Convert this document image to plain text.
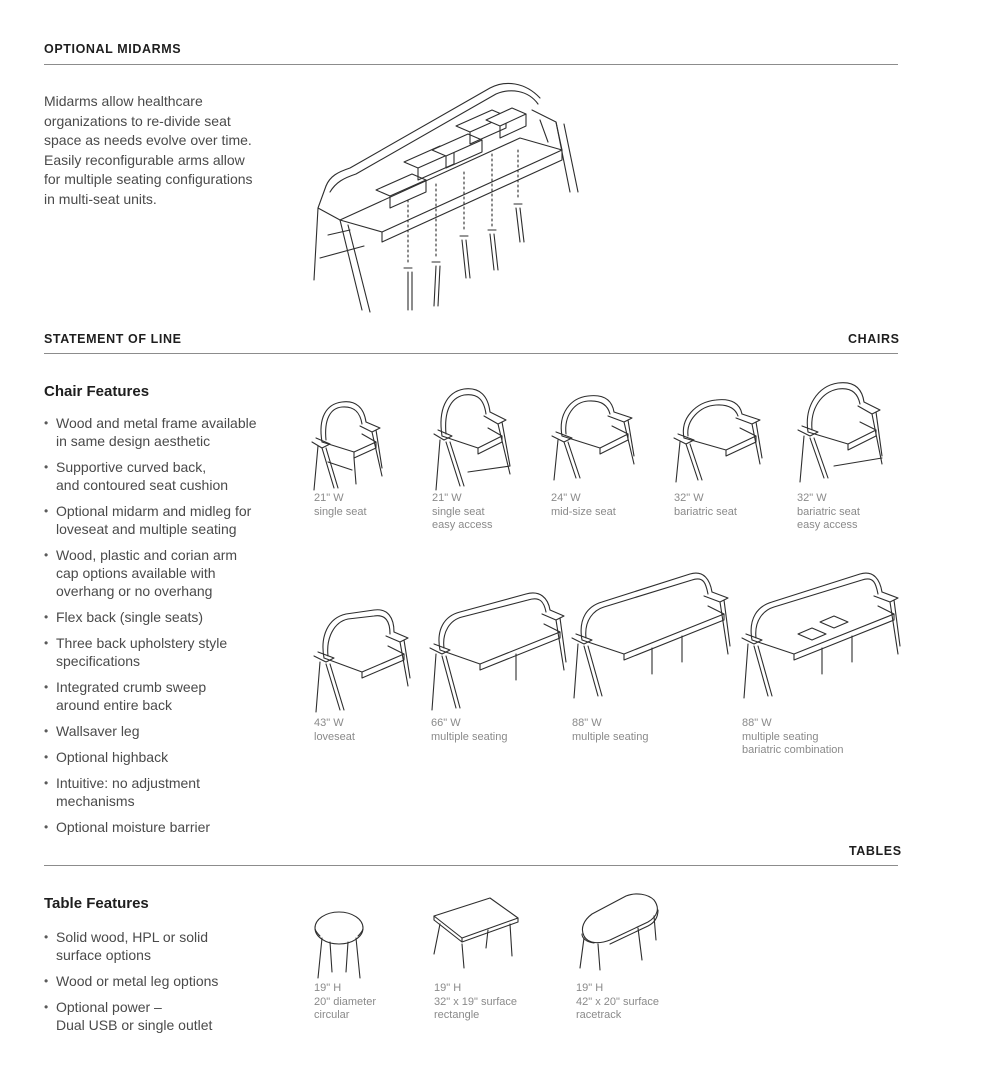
OPTIONAL MIDARMS
Midarms allow healthcare
organizations to re-divide seat
space as needs evolve over time.
Easily reconfigurable arms allow
for multiple seating configurations
in multi-seat units.
STATEMENT OF LINE	CHAIRS
Chair Features
• Wood and metal frame available
in same design aesthetic
• Supportive curved back,
and contoured seat cushion
• Optional midarm and midleg for
loveseat and multiple seating
• Wood, plastic and corian arm
cap options available with
overhang or no overhang
• Flex back (single seats)
• Three back upholstery style
specifications
• Integrated crumb sweep
around entire back
• Wallsaver leg
• Optional highback
• Intuitive: no adjustment
mechanisms
• Optional moisture barrier
21" W
single seat
21" W
single seat
easy access
24" W
mid-size seat
32" W
bariatric seat
32" W
bariatric seat
easy access
43" W
loveseat
66" W
multiple seating
88" W
multiple seating
88" W
multiple seating
bariatric combination
TABLES
Table Features
• Solid wood, HPL or solid
surface options
• Wood or metal leg options
• Optional power –
Dual USB or single outlet
19" H
20" diameter
circular
19" H
32" x 19" surface
rectangle
19" H
42" x 20" surface
racetrack
